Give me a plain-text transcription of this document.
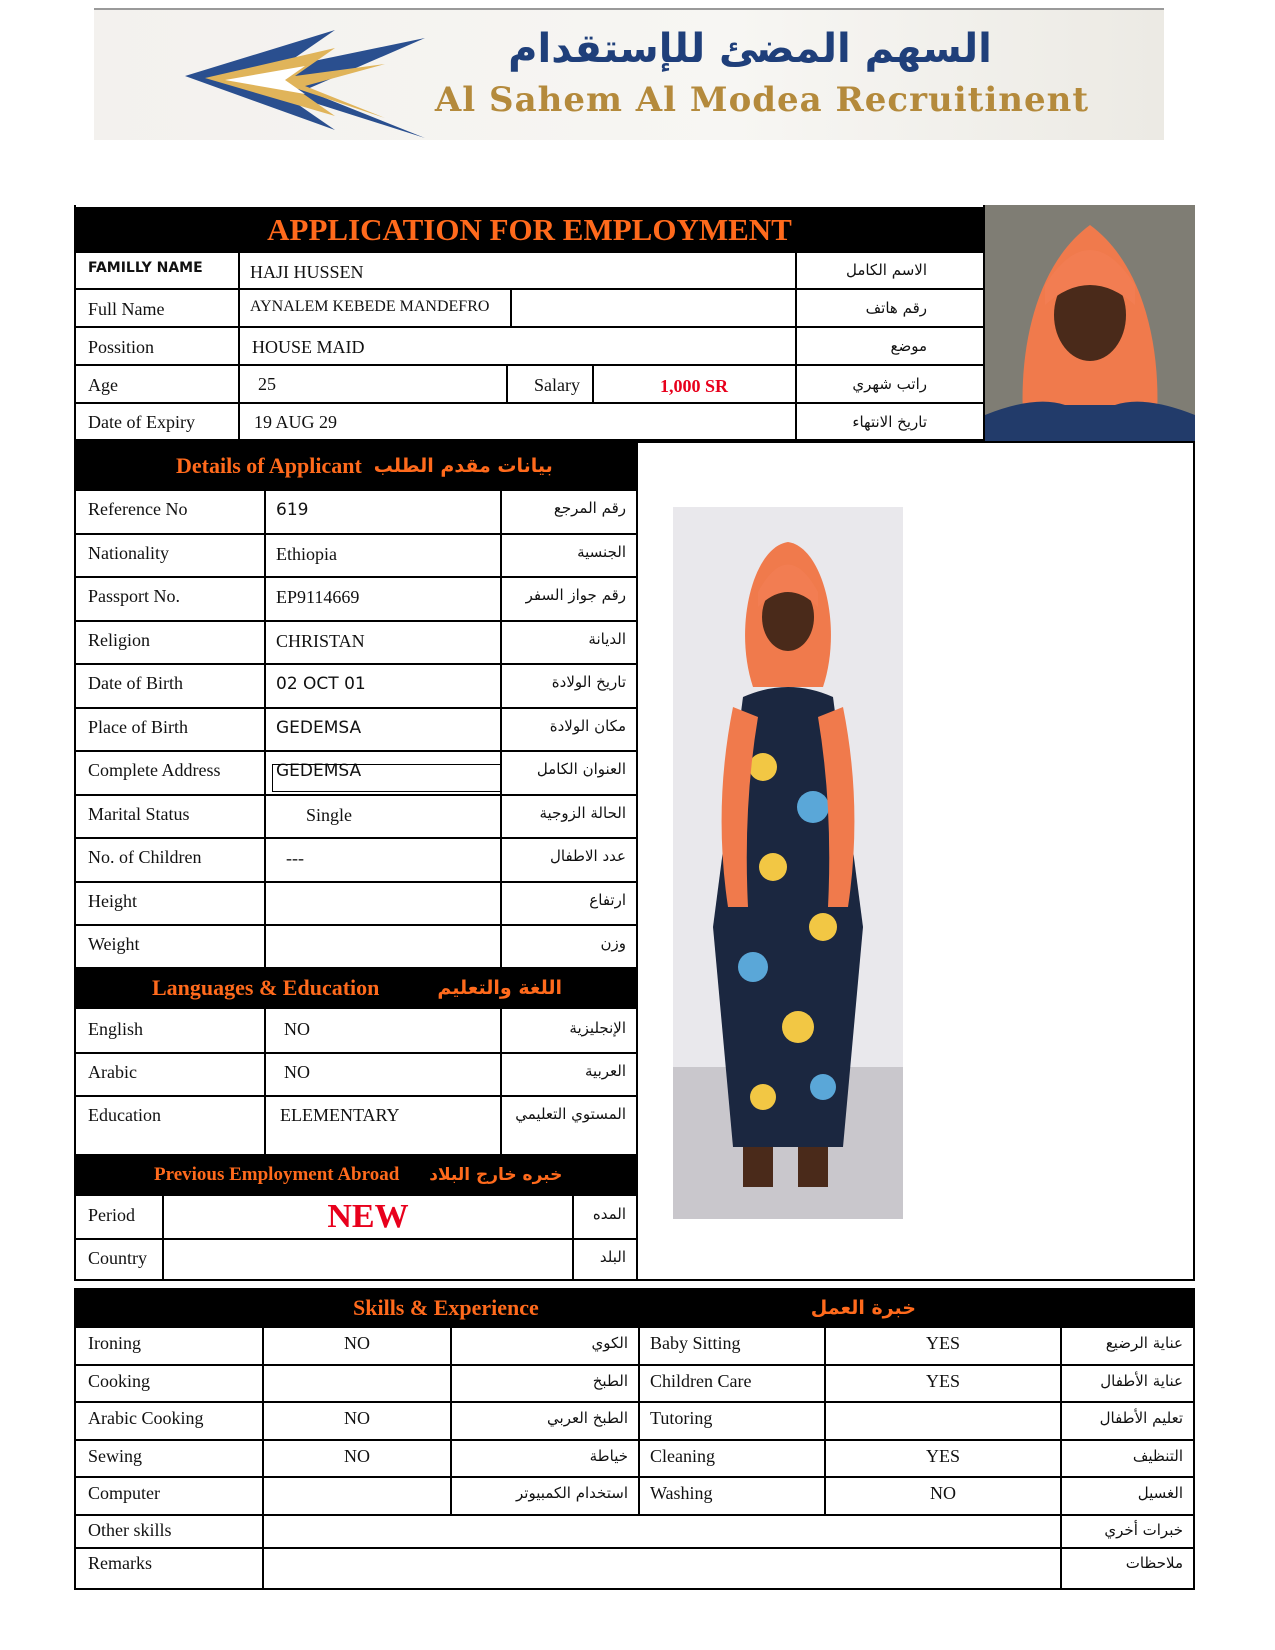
السهم المضئ للإستقدام
Al Sahem Al Modea Recruitinent
APPLICATION FOR EMPLOYMENT
FAMILLY NAME	HAJI HUSSEN	الاسم الكامل
Full Name	AYNALEM KEBEDE MANDEFRO	رقم هاتف
Possition	HOUSE MAID	موضع
Age	25	Salary	1,000 SR	راتب شهري
Date of Expiry	19 AUG 29	تاريخ الانتهاء
Details of Applicant بيانات مقدم الطلب
Languages & Education	اللغة والتعليم
Previous Employment Abroad خبره خارج البلاد
Period	NEW	المده
Country	البلد
Skills & Experience	خبرة العمل
Reference No	619	رقم المرجع
Nationality	Ethiopia	الجنسية
Passport No.	EP9114669	رقم جواز السفر
Religion	CHRISTAN	الديانة
Date of Birth	02 OCT 01	تاريخ الولادة
Place of Birth	GEDEMSA	مكان الولادة
Complete Address	GEDEMSA	العنوان الكامل
Marital Status	Single	الحالة الزوجية
No. of Children	---	عدد الاطفال
Height	ارتفاع
Weight	وزن
English	NO	الإنجليزية
Arabic	NO	العربية
Education	ELEMENTARY	المستوي التعليمي
Ironing	NO	الكوي	Baby Sitting	YES	عناية الرضيع
Cooking	الطبخ	Children Care	YES	عناية الأطفال
Arabic Cooking	NO	الطبخ العربي	Tutoring	تعليم الأطفال
Sewing	NO	خياطة	Cleaning	YES	التنظيف
Computer	استخدام الكمبيوتر	Washing	NO	الغسيل
Other skills	خبرات أخري
Remarks	ملاحظات
